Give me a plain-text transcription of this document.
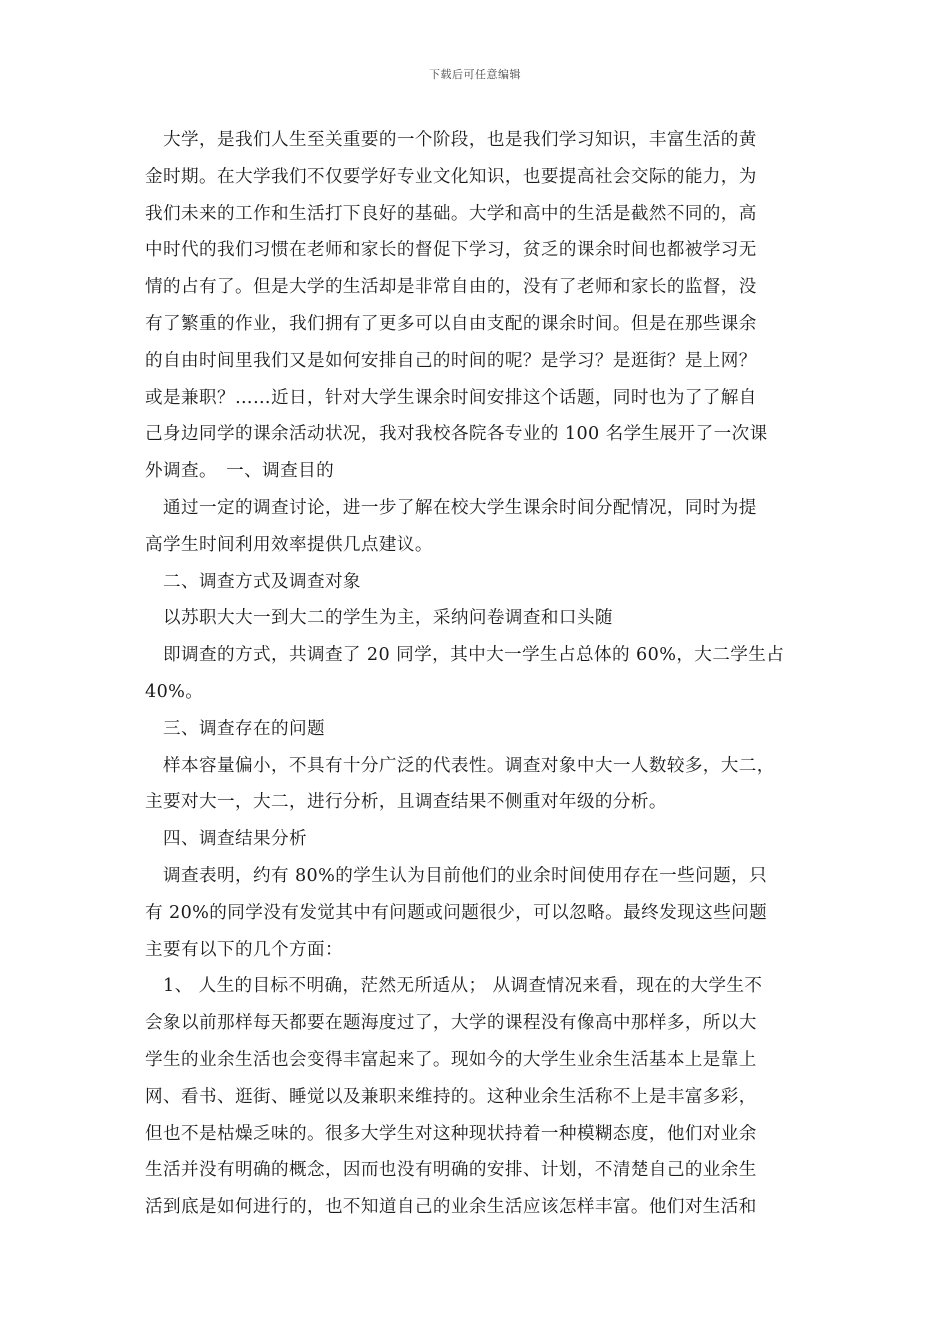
下载后可任意编辑
　大学，是我们人生至关重要的一个阶段，也是我们学习知识，丰富生活的黄
金时期。在大学我们不仅要学好专业文化知识，也要提高社会交际的能力，为
我们未来的工作和生活打下良好的基础。大学和高中的生活是截然不同的，高
中时代的我们习惯在老师和家长的督促下学习，贫乏的课余时间也都被学习无
情的占有了。但是大学的生活却是非常自由的，没有了老师和家长的监督，没
有了繁重的作业，我们拥有了更多可以自由支配的课余时间。但是在那些课余
的自由时间里我们又是如何安排自己的时间的呢？是学习？是逛街？是上网？
或是兼职？……近日，针对大学生课余时间安排这个话题，同时也为了了解自
己身边同学的课余活动状况，我对我校各院各专业的 100 名学生展开了一次课
外调查。　一、调查目的
　通过一定的调查讨论，进一步了解在校大学生课余时间分配情况，同时为提
高学生时间利用效率提供几点建议。
　二、调查方式及调查对象
　以苏职大大一到大二的学生为主，采纳问卷调查和口头随
　即调查的方式，共调查了 20 同学，其中大一学生占总体的 60%，大二学生占
40%。
　三、调查存在的问题
　样本容量偏小，不具有十分广泛的代表性。调查对象中大一人数较多，大二，
主要对大一，大二，进行分析，且调查结果不侧重对年级的分析。
　四、调查结果分析
　调查表明，约有 80%的学生认为目前他们的业余时间使用存在一些问题，只
有 20%的同学没有发觉其中有问题或问题很少，可以忽略。最终发现这些问题
主要有以下的几个方面：
　1、 人生的目标不明确，茫然无所适从； 从调查情况来看，现在的大学生不
会象以前那样每天都要在题海度过了，大学的课程没有像高中那样多，所以大
学生的业余生活也会变得丰富起来了。现如今的大学生业余生活基本上是靠上
网、看书、逛街、睡觉以及兼职来维持的。这种业余生活称不上是丰富多彩，
但也不是枯燥乏味的。很多大学生对这种现状持着一种模糊态度，他们对业余
生活并没有明确的概念，因而也没有明确的安排、计划，不清楚自己的业余生
活到底是如何进行的，也不知道自己的业余生活应该怎样丰富。他们对生活和
